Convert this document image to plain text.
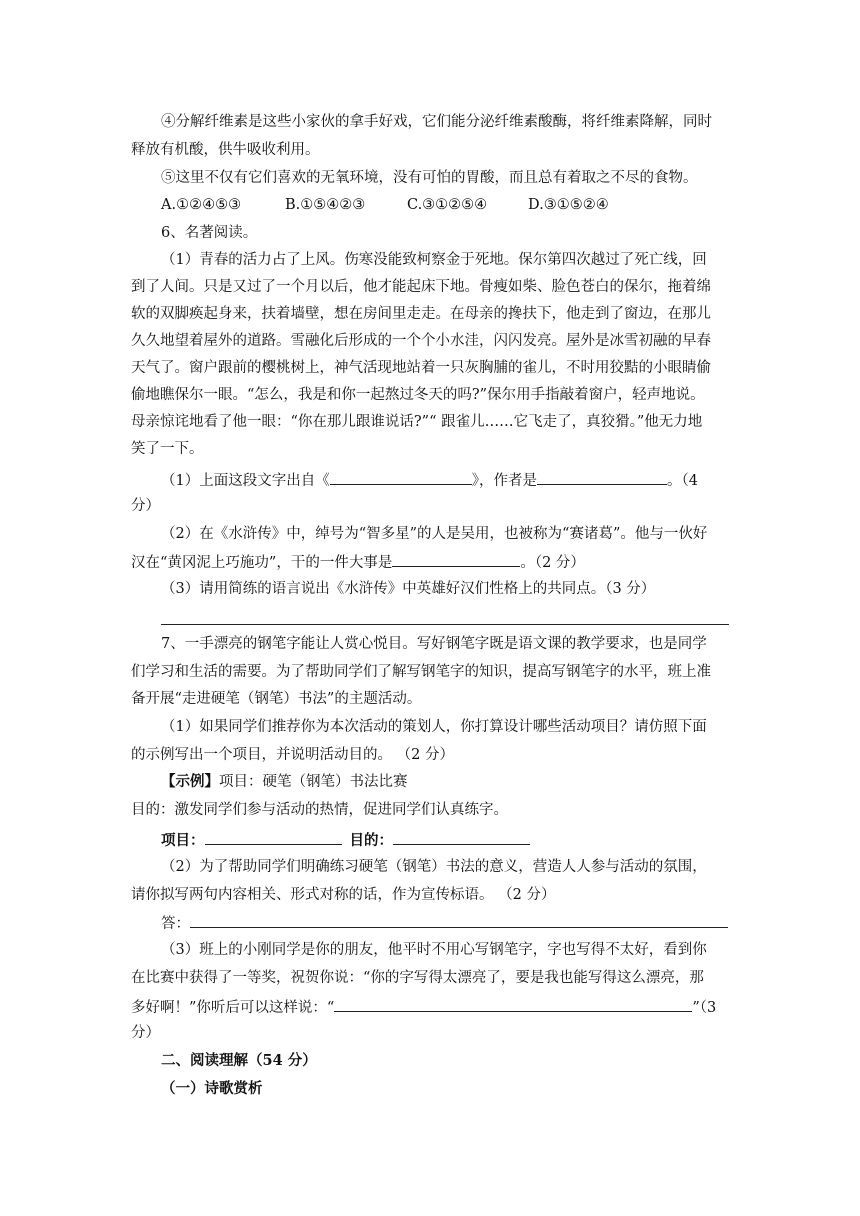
④分解纤维素是这些小家伙的拿手好戏，它们能分泌纤维素酸酶，将纤维素降解，同时
释放有机酸，供牛吸收利用。
⑤这里不仅有它们喜欢的无氧环境，没有可怕的胃酸，而且总有着取之不尽的食物。
A.①②④⑤③	B.①⑤④②③	C.③①②⑤④	D.③①⑤②④
6、名著阅读。
（1）青春的活力占了上风。伤寒没能致柯察金于死地。保尔第四次越过了死亡线，回
到了人间。只是又过了一个月以后，他才能起床下地。骨瘦如柴、脸色苍白的保尔，拖着绵
软的双脚痪起身来，扶着墙壁，想在房间里走走。在母亲的搀扶下，他走到了窗边，在那儿
久久地望着屋外的道路。雪融化后形成的一个个小水洼，闪闪发亮。屋外是冰雪初融的早春
天气了。窗户跟前的樱桃树上，神气活现地站着一只灰胸脯的雀儿，不时用狡黠的小眼睛偷
偷地瞧保尔一眼。“怎么，我是和你一起熬过冬天的吗?”保尔用手指敲着窗户，轻声地说。
母亲惊诧地看了他一眼：“你在那儿跟谁说话?”“ 跟雀儿……它飞走了，真狡猾。”他无力地
笑了一下。
（1）上面这段文字出自《	》，作者是	。（4
分）
（2）在《水浒传》中，绰号为“智多星”的人是吴用，也被称为“赛诸葛”。他与一伙好
汉在“黄冈泥上巧施功”，干的一件大事是	。（2 分）
（3）请用简练的语言说出《水浒传》中英雄好汉们性格上的共同点。（3 分）
7、一手漂亮的钢笔字能让人赏心悦目。写好钢笔字既是语文课的教学要求，也是同学
们学习和生活的需要。为了帮助同学们了解写钢笔字的知识，提高写钢笔字的水平，班上准
备开展“走进硬笔（钢笔）书法”的主题活动。
（1）如果同学们推荐你为本次活动的策划人，你打算设计哪些活动项目？请仿照下面
的示例写出一个项目，并说明活动目的。 （2 分）
【示例】项目：硬笔（钢笔）书法比赛
目的：激发同学们参与活动的热情，促进同学们认真练字。
项目：	目的：
（2）为了帮助同学们明确练习硬笔（钢笔）书法的意义，营造人人参与活动的氛围，
请你拟写两句内容相关、形式对称的话，作为宣传标语。 （2 分）
答：
（3）班上的小刚同学是你的朋友，他平时不用心写钢笔字，字也写得不太好，看到你
在比赛中获得了一等奖，祝贺你说：“你的字写得太漂亮了，要是我也能写得这么漂亮，那
多好啊！”你听后可以这样说：“	”（3
分）
二、阅读理解（54 分）
（一）诗歌赏析
